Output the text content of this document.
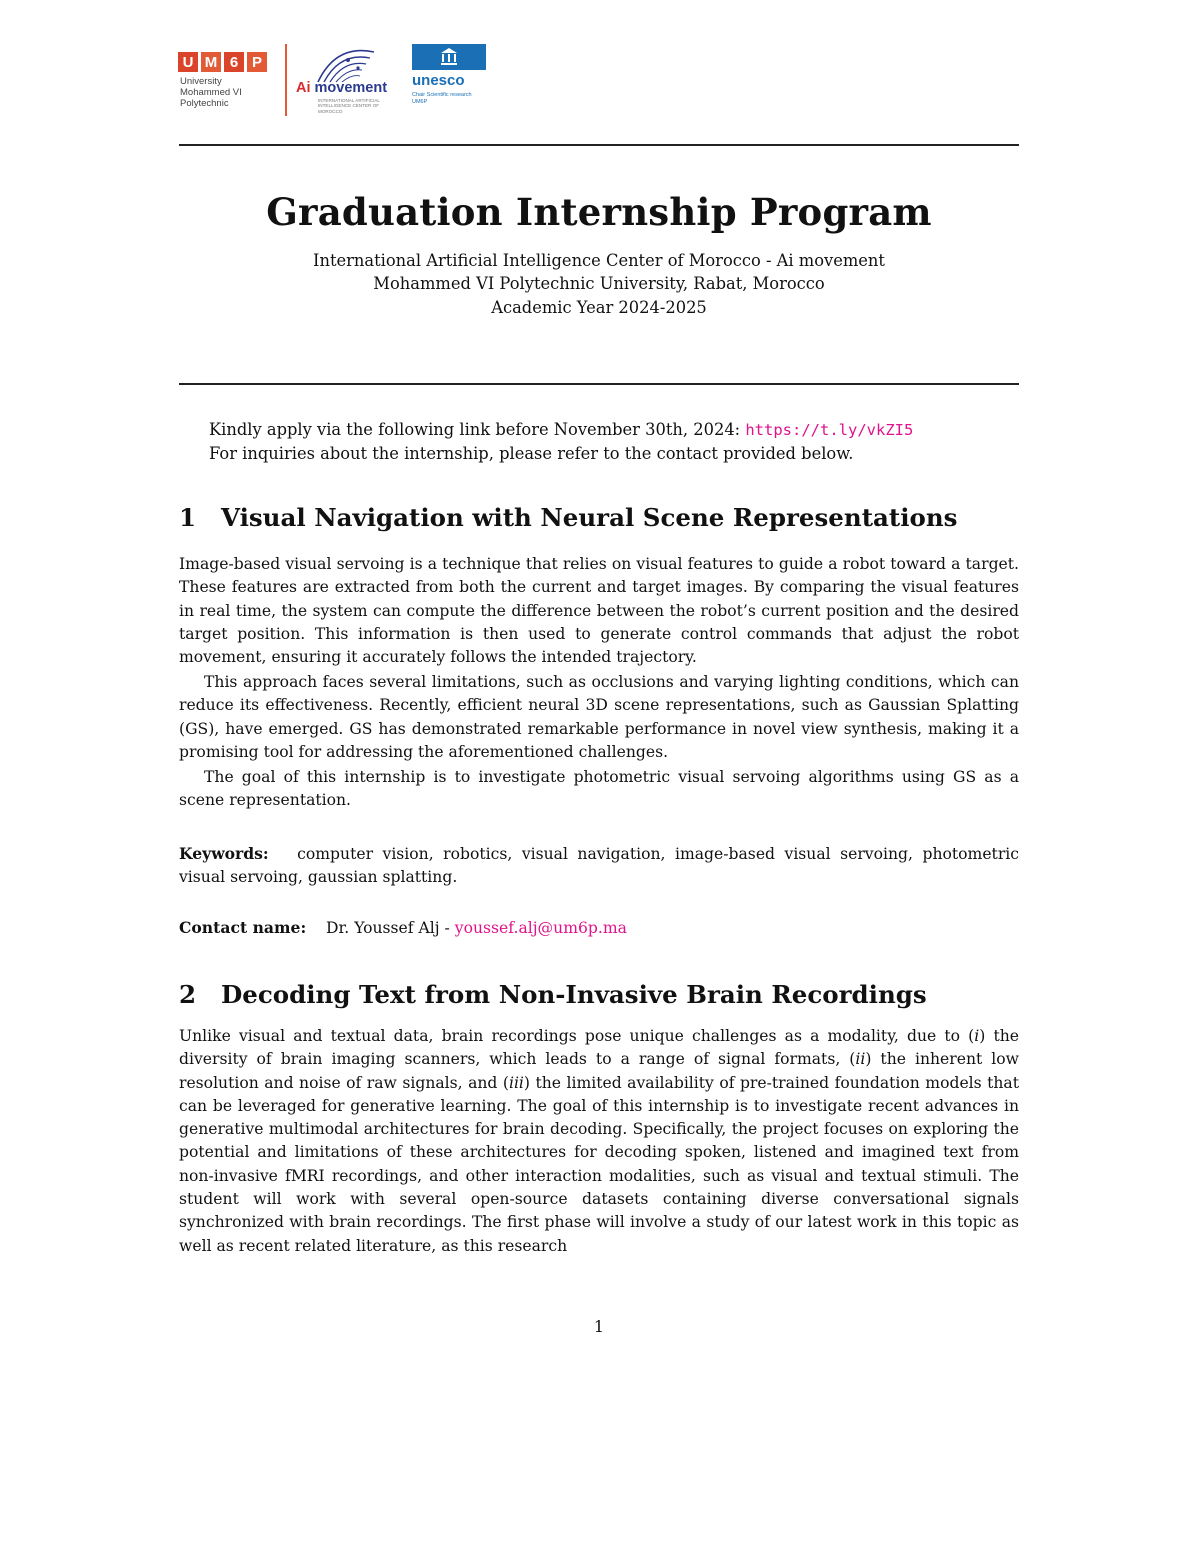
U M 6 P
University
Mohammed VI
Polytechnic
Ai movement
INTERNATIONAL ARTIFICIAL INTELLIGENCE CENTER OF MOROCCO
unesco
Chair Scientific research UM6P
Graduation Internship Program
International Artificial Intelligence Center of Morocco - Ai movement
Mohammed VI Polytechnic University, Rabat, Morocco
Academic Year 2024-2025
Kindly apply via the following link before November 30th, 2024: https://t.ly/vkZI5
For inquiries about the internship, please refer to the contact provided below.
1 Visual Navigation with Neural Scene Representations

Image-based visual servoing is a technique that relies on visual features to guide a robot toward a target. These features are extracted from both the current and target images. By comparing the visual features in real time, the system can compute the difference between the robot’s current position and the desired target position. This information is then used to generate control commands that adjust the robot movement, ensuring it accurately follows the intended trajectory.

This approach faces several limitations, such as occlusions and varying lighting conditions, which can reduce its effectiveness. Recently, efficient neural 3D scene representations, such as Gaussian Splatting (GS), have emerged. GS has demonstrated remarkable performance in novel view synthesis, making it a promising tool for addressing the aforementioned challenges.

The goal of this internship is to investigate photometric visual servoing algorithms using GS as a scene representation.

Keywords: computer vision, robotics, visual navigation, image-based visual servoing, photometric visual servoing, gaussian splatting.

Contact name: Dr. Youssef Alj - youssef.alj@um6p.ma
2 Decoding Text from Non-Invasive Brain Recordings

Unlike visual and textual data, brain recordings pose unique challenges as a modality, due to (i) the diversity of brain imaging scanners, which leads to a range of signal formats, (ii) the inherent low resolution and noise of raw signals, and (iii) the limited availability of pre-trained foundation models that can be leveraged for generative learning. The goal of this internship is to investigate recent advances in generative multimodal architectures for brain decoding. Specifically, the project focuses on exploring the potential and limitations of these architectures for decoding spoken, listened and imagined text from non-invasive fMRI recordings, and other interaction modalities, such as visual and textual stimuli. The student will work with several open-source datasets containing diverse conversational signals synchronized with brain recordings. The first phase will involve a study of our latest work in this topic as well as recent related literature, as this research

1
